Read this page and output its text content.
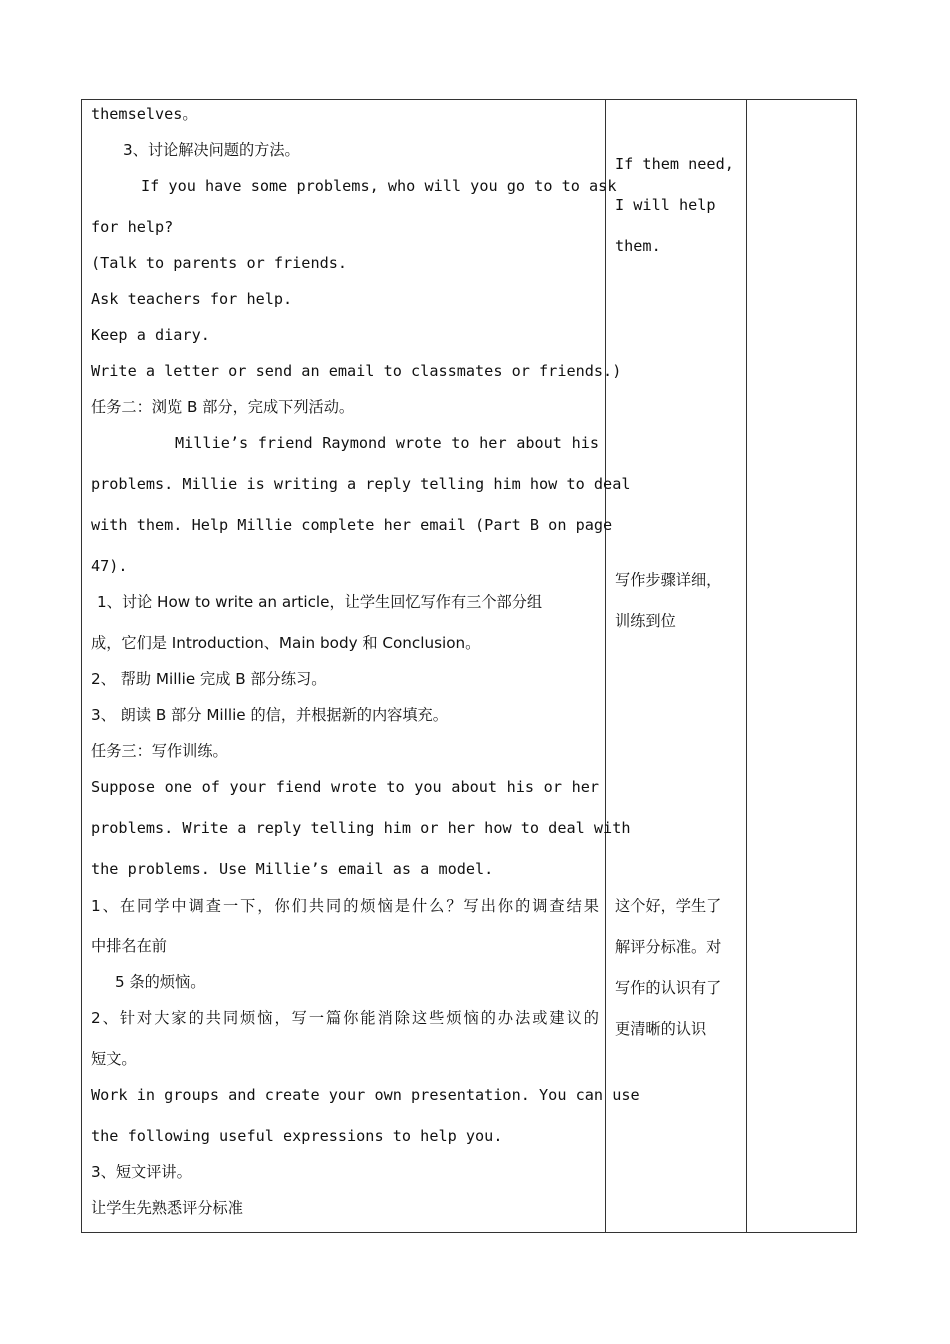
themselves。
3、讨论解决问题的方法。
If you have some problems, who will you go to to ask
for help?
(Talk to parents or friends.
Ask teachers for help.
Keep a diary.
Write a letter or send an email to classmates or friends.)
任务二：浏览 B 部分，完成下列活动。
Millie’s friend Raymond wrote to her about his
problems. Millie is writing a reply telling him how to deal
with them. Help Millie complete her email (Part B on page
47).
1、讨论 How to write an article，让学生回忆写作有三个部分组
成，它们是 Introduction、Main body 和 Conclusion。
2、 帮助 Millie 完成 B 部分练习。
3、 朗读 B 部分 Millie 的信，并根据新的内容填充。
任务三：写作训练。
Suppose one of your fiend wrote to you about his or her
problems. Write a reply telling him or her how to deal with
the problems. Use Millie’s email as a model.
1、在同学中调查一下，你们共同的烦恼是什么？写出你的调查结果
中排名在前
5 条的烦恼。
2、针对大家的共同烦恼，写一篇你能消除这些烦恼的办法或建议的
短文。
Work in groups and create your own presentation. You can use
the following useful expressions to help you.
3、短文评讲。
让学生先熟悉评分标准
If them need,
I will help
them.
写作步骤详细，
训练到位
这个好，学生了
解评分标准。对
写作的认识有了
更清晰的认识
